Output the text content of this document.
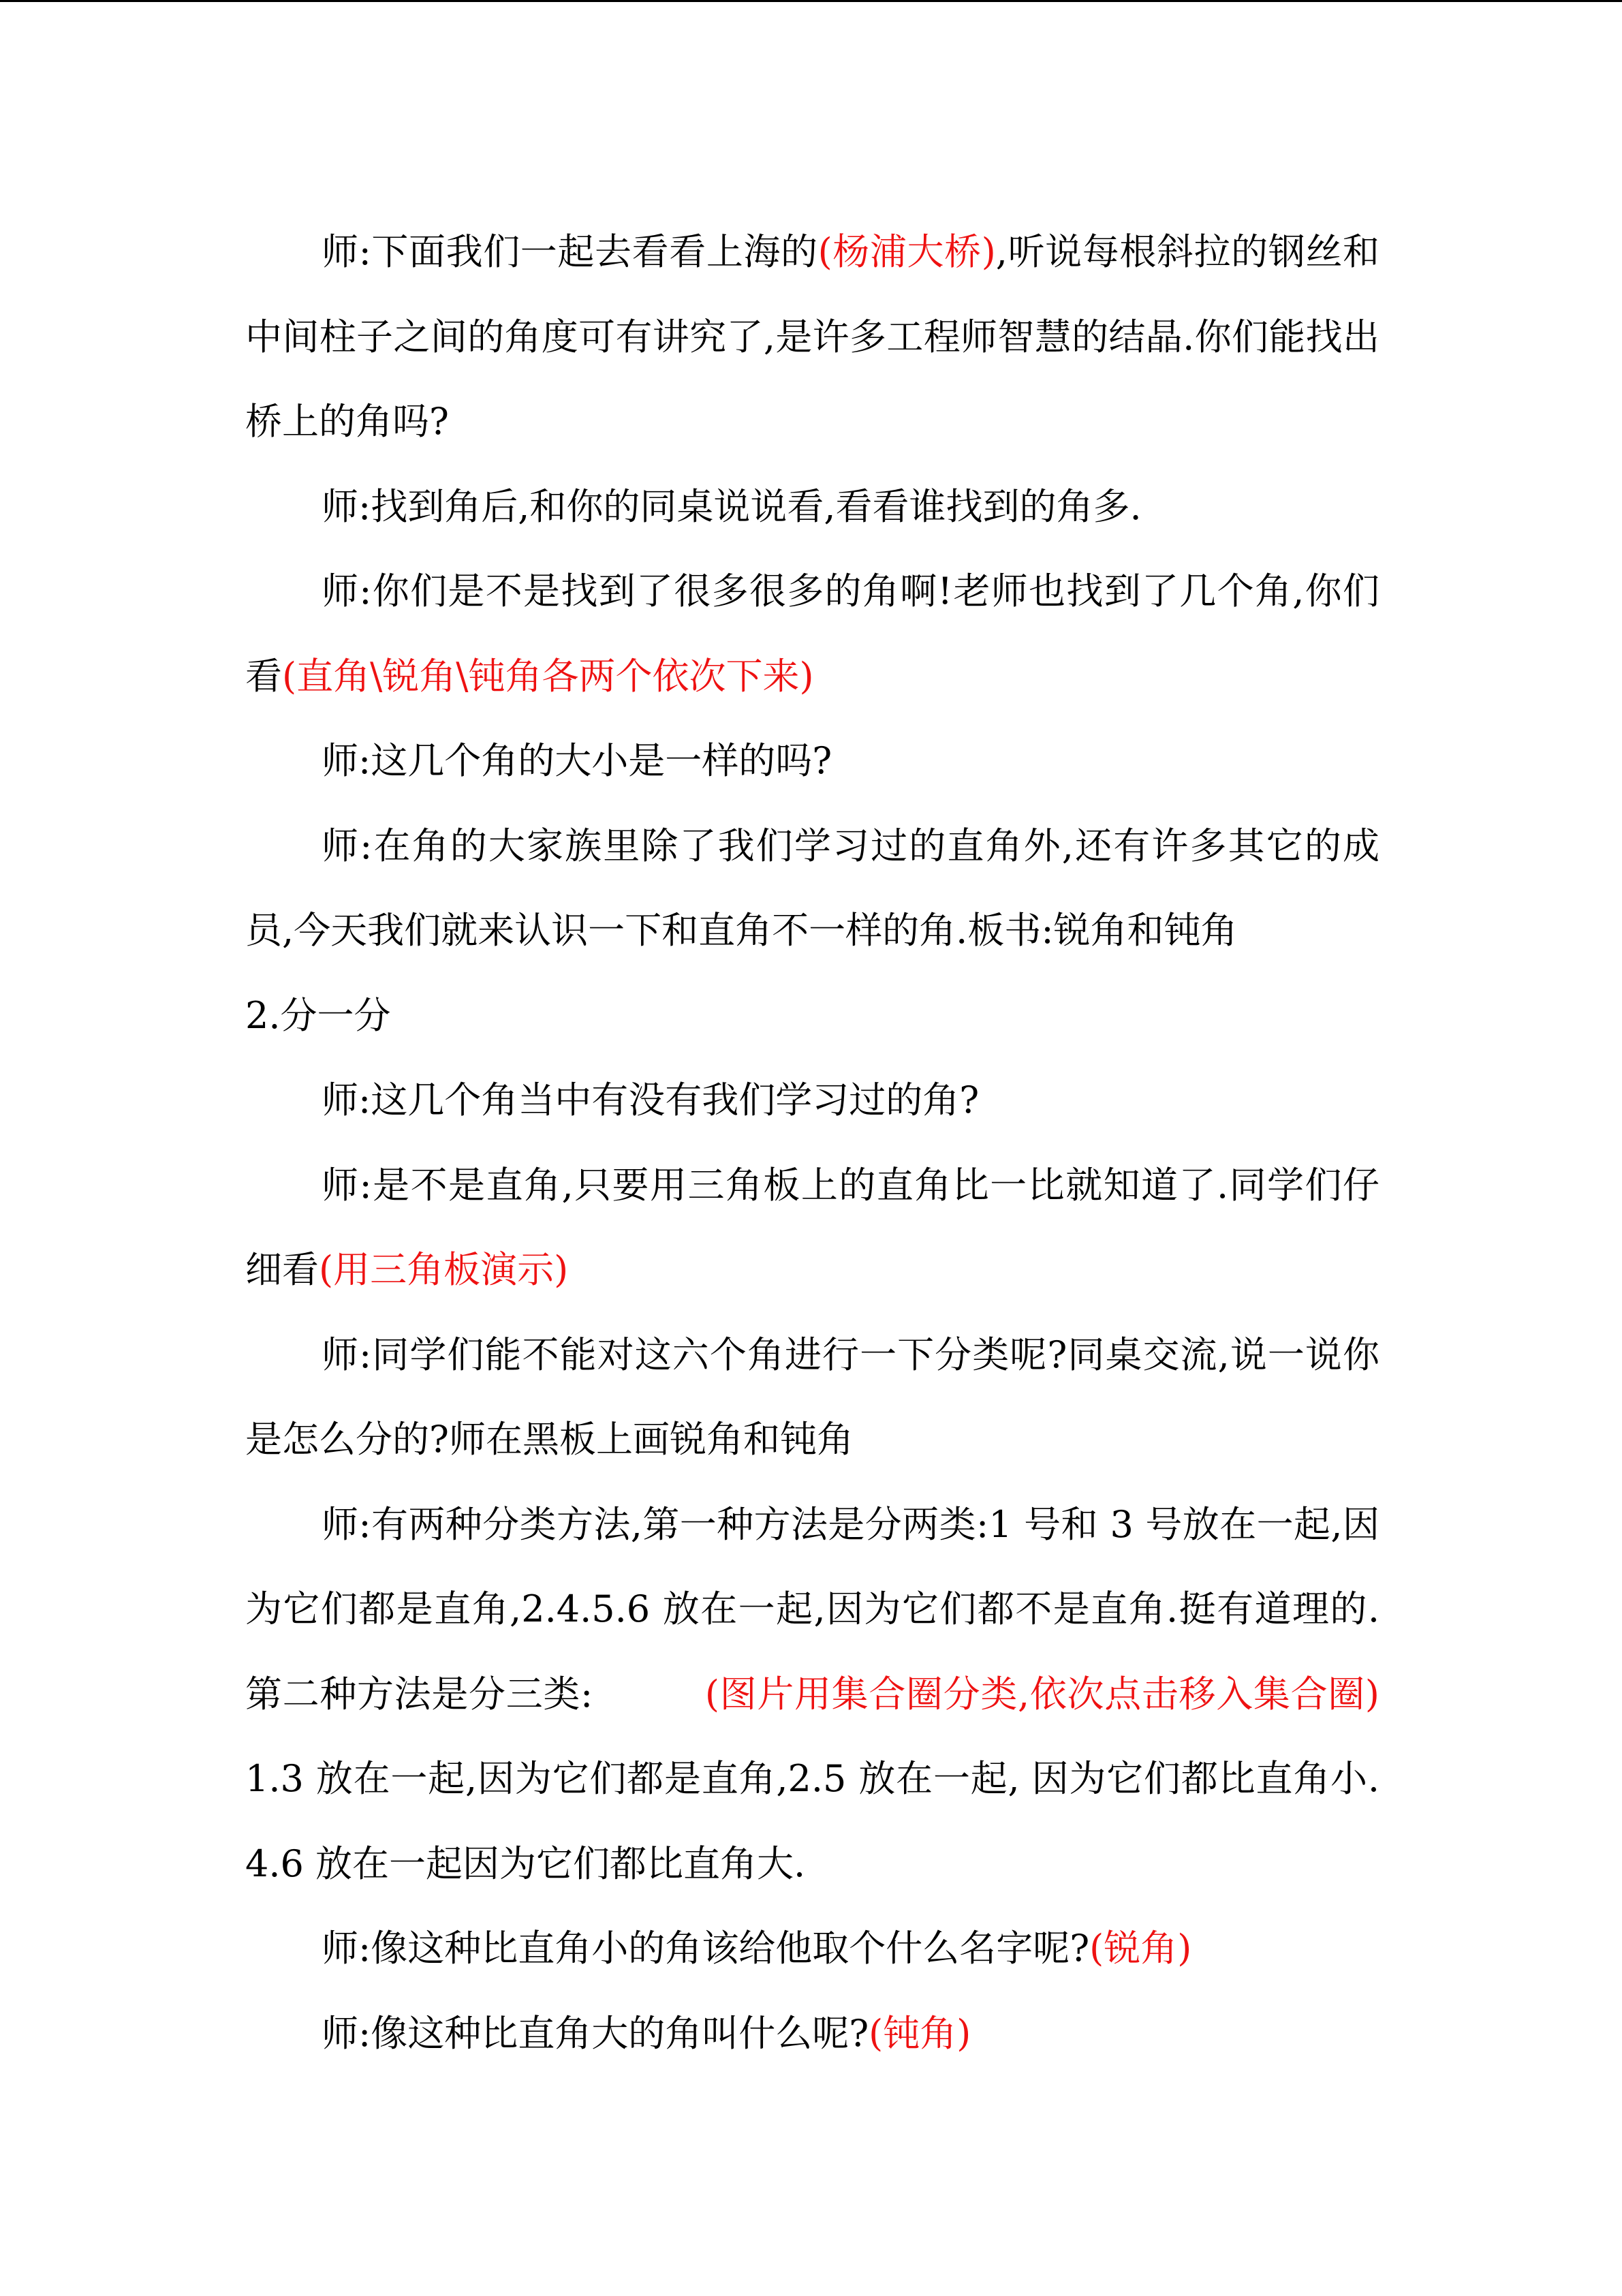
师:下面我们一起去看看上海的(杨浦大桥),听说每根斜拉的钢丝和中间柱子之间的角度可有讲究了,是许多工程师智慧的结晶.你们能找出桥上的角吗?

师:找到角后,和你的同桌说说看,看看谁找到的角多.

师:你们是不是找到了很多很多的角啊!老师也找到了几个角,你们看(直角\锐角\钝角各两个依次下来)

师:这几个角的大小是一样的吗?

师:在角的大家族里除了我们学习过的直角外,还有许多其它的成员,今天我们就来认识一下和直角不一样的角.板书:锐角和钝角

2.分一分

师:这几个角当中有没有我们学习过的角?

师:是不是直角,只要用三角板上的直角比一比就知道了.同学们仔细看(用三角板演示)

师:同学们能不能对这六个角进行一下分类呢?同桌交流,说一说你是怎么分的?师在黑板上画锐角和钝角

师:有两种分类方法,第一种方法是分两类:1 号和 3 号放在一起,因为它们都是直角,2.4.5.6 放在一起,因为它们都不是直角.挺有道理的.第二种方法是分三类:　　　(图片用集合圈分类,依次点击移入集合圈)1.3 放在一起,因为它们都是直角,2.5 放在一起, 因为它们都比直角小.4.6 放在一起因为它们都比直角大.

师:像这种比直角小的角该给他取个什么名字呢?(锐角)

师:像这种比直角大的角叫什么呢?(钝角)
